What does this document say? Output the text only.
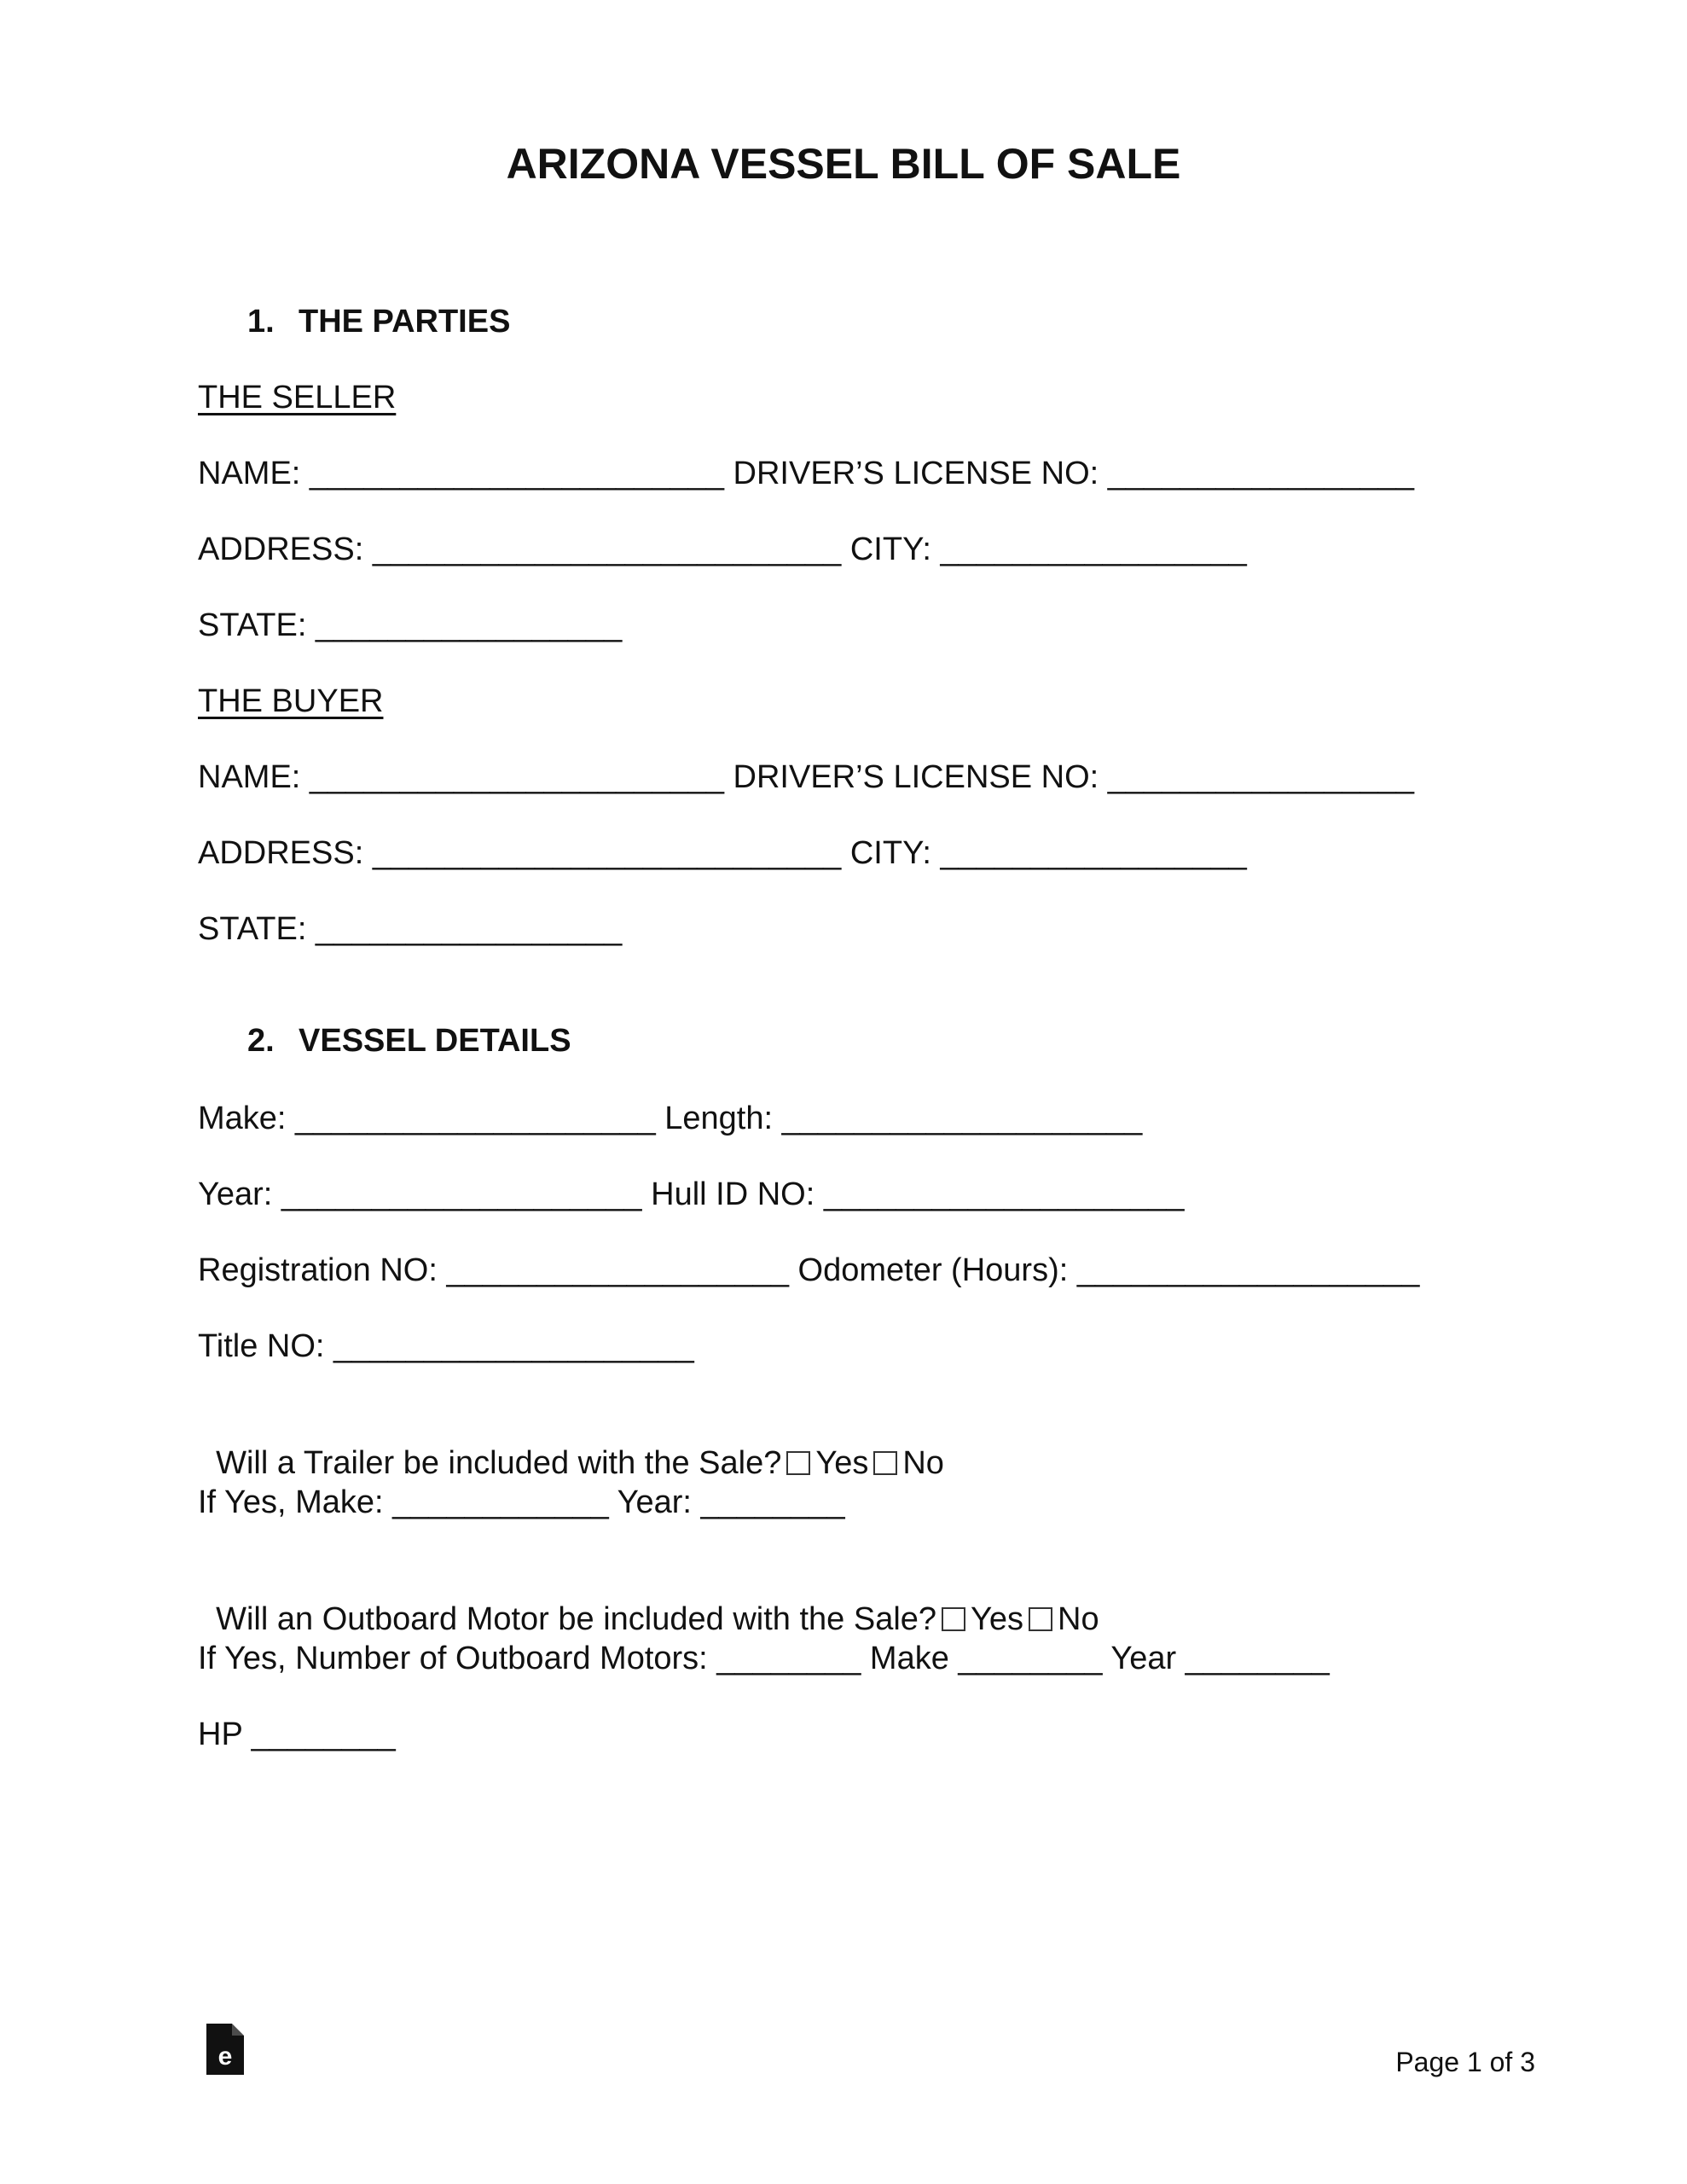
ARIZONA VESSEL BILL OF SALE
1. THE PARTIES
THE SELLER
NAME: _______________________ DRIVER’S LICENSE NO: _________________
ADDRESS: __________________________ CITY: _________________
STATE: _________________
THE BUYER
NAME: _______________________ DRIVER’S LICENSE NO: _________________
ADDRESS: __________________________ CITY: _________________
STATE: _________________
2. VESSEL DETAILS
Make: ____________________ Length: ____________________
Year: ____________________ Hull ID NO: ____________________
Registration NO: ___________________ Odometer (Hours): ___________________
Title NO: ____________________

Will a Trailer be included with the Sale? Yes No

If Yes, Make: ____________ Year: ________

Will an Outboard Motor be included with the Sale? Yes No

If Yes, Number of Outboard Motors: ________ Make ________ Year ________
HP ________
e	Page 1 of 3
